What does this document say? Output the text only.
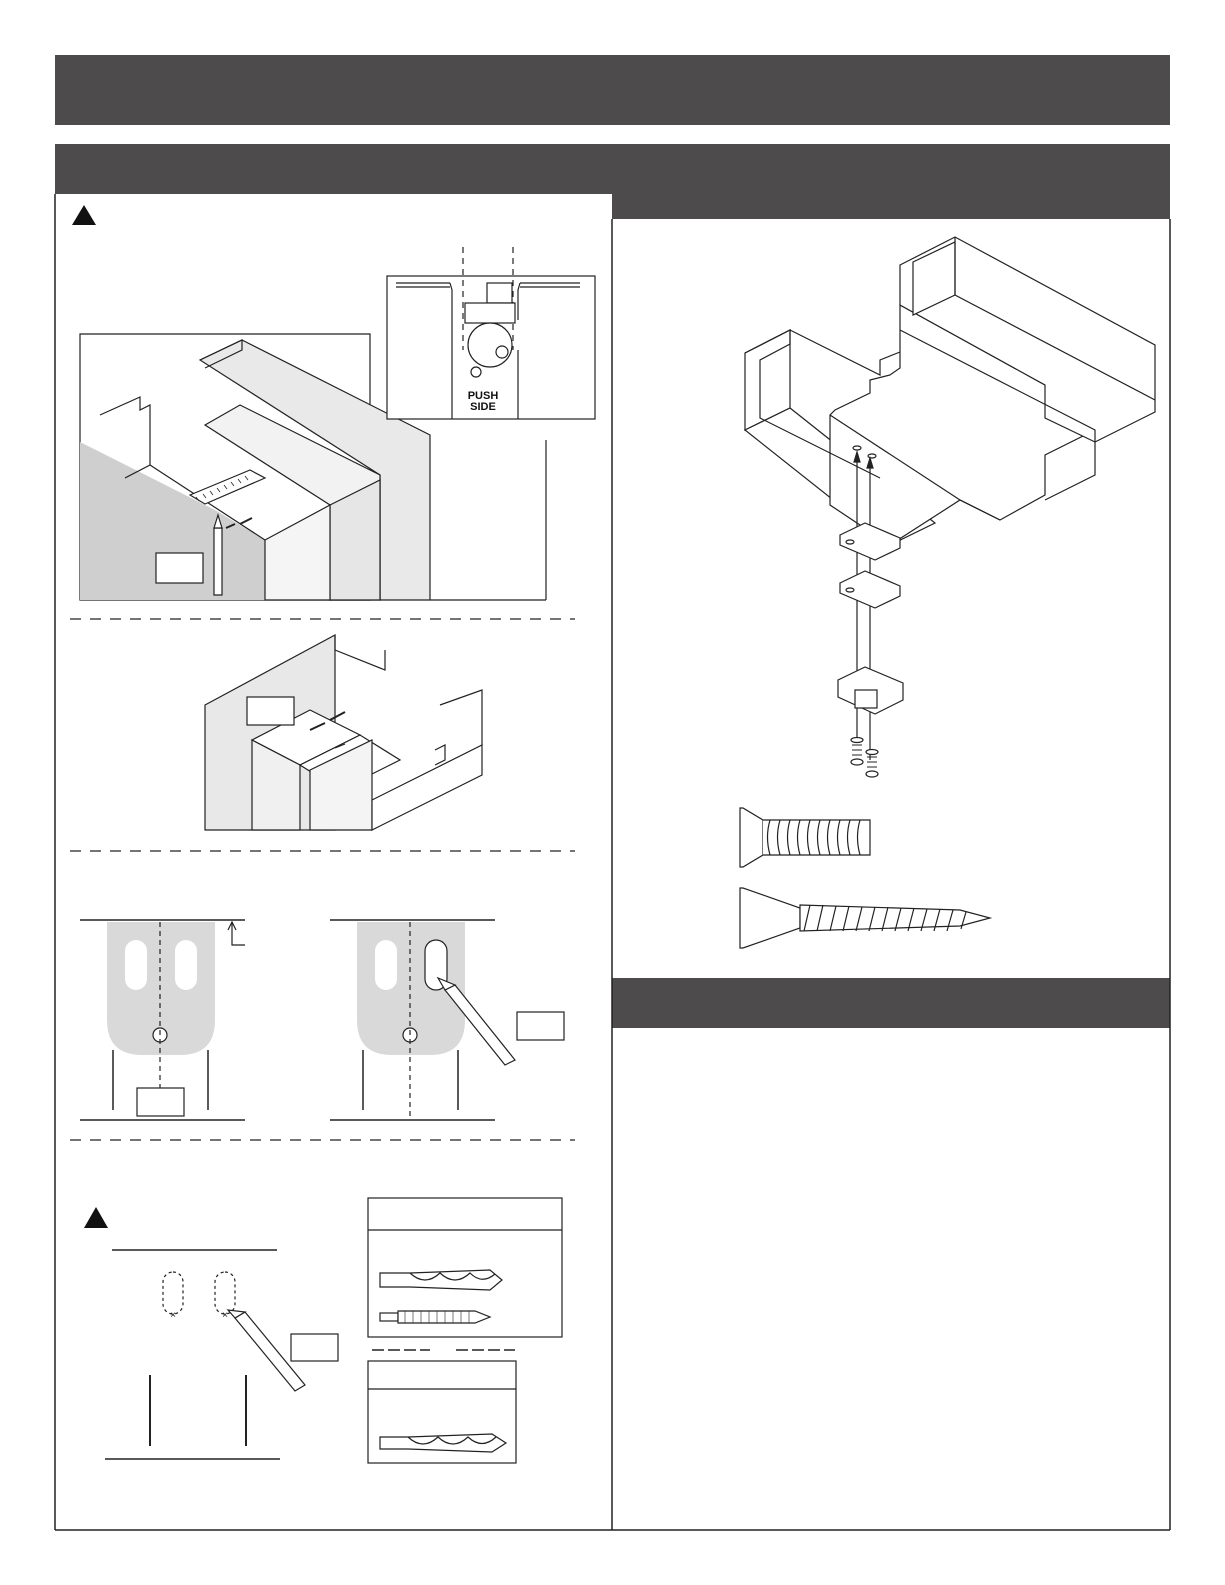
PUSH
SIDE
×	×
